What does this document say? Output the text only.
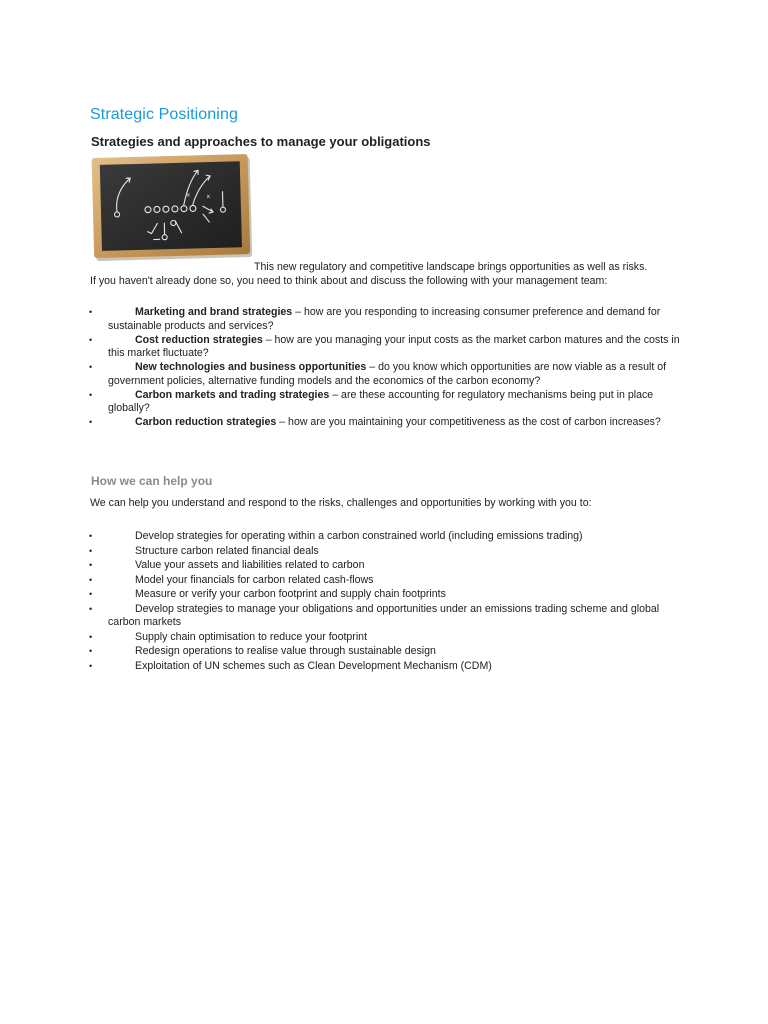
Strategic Positioning
Strategies and approaches to manage your obligations
x	x
This new regulatory and competitive landscape brings opportunities as well as risks.
If you haven't already done so, you need to think about and discuss the following with your management team:
•	Marketing and brand strategies – how are you responding to increasing consumer preference and demand for sustainable products and services?
•	Cost reduction strategies – how are you managing your input costs as the market carbon matures and the costs in this market fluctuate?
•	New technologies and business opportunities – do you know which opportunities are now viable as a result of government policies, alternative funding models and the economics of the carbon economy?
•	Carbon markets and trading strategies – are these accounting for regulatory mechanisms being put in place globally?
•	Carbon reduction strategies – how are you maintaining your competitiveness as the cost of carbon increases?
How we can help you

We can help you understand and respond to the risks, challenges and opportunities by working with you to:

•	Develop strategies for operating within a carbon constrained world (including emissions trading)
•	Structure carbon related financial deals
•	Value your assets and liabilities related to carbon
•	Model your financials for carbon related cash-flows
•	Measure or verify your carbon footprint and supply chain footprints
•	Develop strategies to manage your obligations and opportunities under an emissions trading scheme and global carbon markets
•	Supply chain optimisation to reduce your footprint
•	Redesign operations to realise value through sustainable design
•	Exploitation of UN schemes such as Clean Development Mechanism (CDM)
